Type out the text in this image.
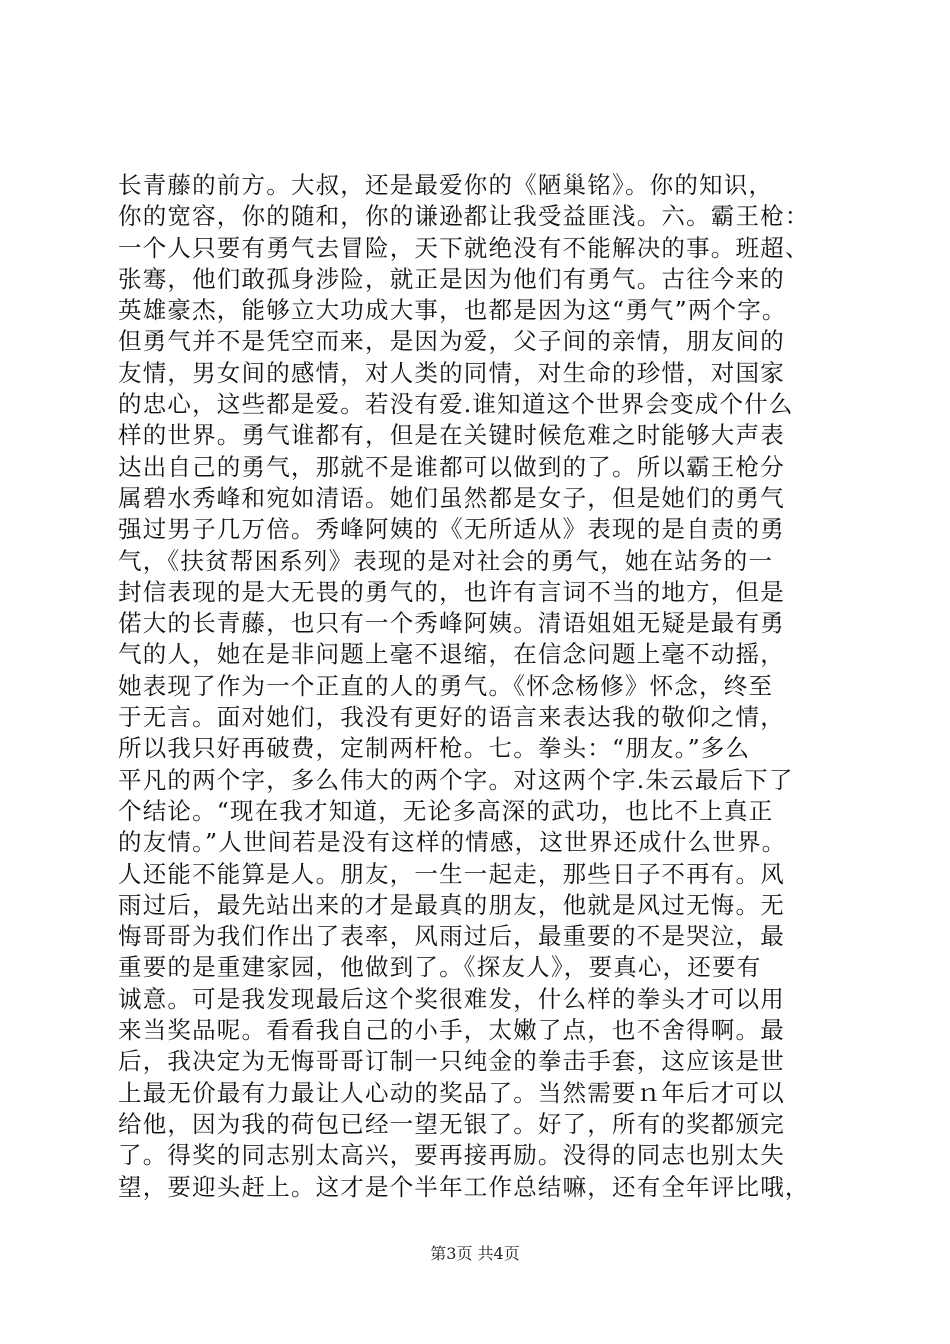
长青藤的前方。大叔，还是最爱你的《陋巢铭》。你的知识，
你的宽容，你的随和，你的谦逊都让我受益匪浅。六。霸王枪：
一个人只要有勇气去冒险，天下就绝没有不能解决的事。班超、
张骞，他们敢孤身涉险，就正是因为他们有勇气。古往今来的
英雄豪杰，能够立大功成大事，也都是因为这“勇气”两个字。
但勇气并不是凭空而来，是因为爱，父子间的亲情，朋友间的
友情，男女间的感情，对人类的同情，对生命的珍惜，对国家
的忠心，这些都是爱。若没有爱.谁知道这个世界会变成个什么
样的世界。勇气谁都有，但是在关键时候危难之时能够大声表
达出自己的勇气，那就不是谁都可以做到的了。所以霸王枪分
属碧水秀峰和宛如清语。她们虽然都是女子，但是她们的勇气
强过男子几万倍。秀峰阿姨的《无所适从》表现的是自责的勇
气，《扶贫帮困系列》表现的是对社会的勇气，她在站务的一
封信表现的是大无畏的勇气的，也许有言词不当的地方，但是
偌大的长青藤，也只有一个秀峰阿姨。清语姐姐无疑是最有勇
气的人，她在是非问题上毫不退缩，在信念问题上毫不动摇，
她表现了作为一个正直的人的勇气。《怀念杨修》怀念，终至
于无言。面对她们，我没有更好的语言来表达我的敬仰之情，
所以我只好再破费，定制两杆枪。七。拳头：“朋友。”多么
平凡的两个字，多么伟大的两个字。对这两个字.朱云最后下了
个结论。“现在我才知道，无论多高深的武功，也比不上真正
的友情。”人世间若是没有这样的情感，这世界还成什么世界。
人还能不能算是人。朋友，一生一起走，那些日子不再有。风
雨过后，最先站出来的才是最真的朋友，他就是风过无悔。无
悔哥哥为我们作出了表率，风雨过后，最重要的不是哭泣，最
重要的是重建家园，他做到了。《探友人》，要真心，还要有
诚意。可是我发现最后这个奖很难发，什么样的拳头才可以用
来当奖品呢。看看我自己的小手，太嫩了点，也不舍得啊。最
后，我决定为无悔哥哥订制一只纯金的拳击手套，这应该是世
上最无价最有力最让人心动的奖品了。当然需要ｎ年后才可以
给他，因为我的荷包已经一望无银了。好了，所有的奖都颁完
了。得奖的同志别太高兴，要再接再励。没得的同志也别太失
望，要迎头赶上。这才是个半年工作总结嘛，还有全年评比哦，
第3页 共4页
